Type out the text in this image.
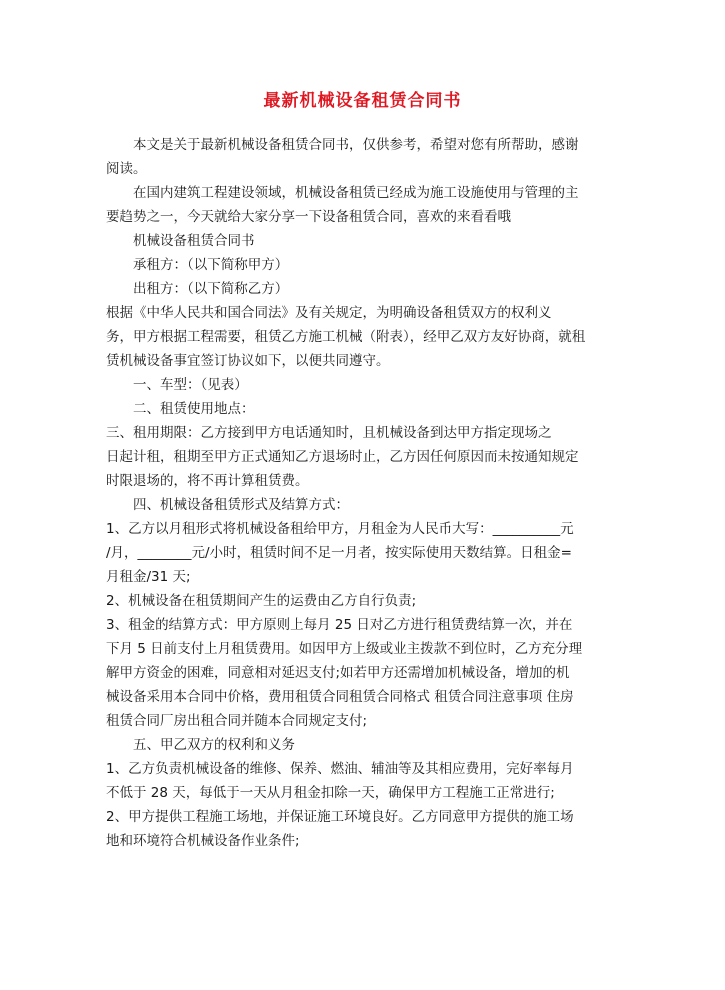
最新机械设备租赁合同书
本文是关于最新机械设备租赁合同书，仅供参考，希望对您有所帮助，感谢
阅读。
在国内建筑工程建设领域，机械设备租赁已经成为施工设施使用与管理的主
要趋势之一，今天就给大家分享一下设备租赁合同，喜欢的来看看哦
机械设备租赁合同书
承租方：（以下简称甲方）
出租方：（以下简称乙方）
根据《中华人民共和国合同法》及有关规定，为明确设备租赁双方的权利义
务，甲方根据工程需要，租赁乙方施工机械（附表），经甲乙双方友好协商，就租
赁机械设备事宜签订协议如下，以便共同遵守。
一、车型：（见表）
二、租赁使用地点：
三、租用期限：乙方接到甲方电话通知时，且机械设备到达甲方指定现场之
日起计租，租期至甲方正式通知乙方退场时止，乙方因任何原因而未按通知规定
时限退场的，将不再计算租赁费。
四、机械设备租赁形式及结算方式：
1、乙方以月租形式将机械设备租给甲方，月租金为人民币大写：__________元
/月，________元/小时，租赁时间不足一月者，按实际使用天数结算。日租金=
月租金/31 天;
2、机械设备在租赁期间产生的运费由乙方自行负责;
3、租金的结算方式：甲方原则上每月 25 日对乙方进行租赁费结算一次，并在
下月 5 日前支付上月租赁费用。如因甲方上级或业主拨款不到位时，乙方充分理
解甲方资金的困难，同意相对延迟支付;如若甲方还需增加机械设备，增加的机
械设备采用本合同中价格，费用租赁合同租赁合同格式 租赁合同注意事项 住房
租赁合同厂房出租合同并随本合同规定支付;
五、甲乙双方的权利和义务
1、乙方负责机械设备的维修、保养、燃油、辅油等及其相应费用，完好率每月
不低于 28 天，每低于一天从月租金扣除一天，确保甲方工程施工正常进行;
2、甲方提供工程施工场地，并保证施工环境良好。乙方同意甲方提供的施工场
地和环境符合机械设备作业条件;
